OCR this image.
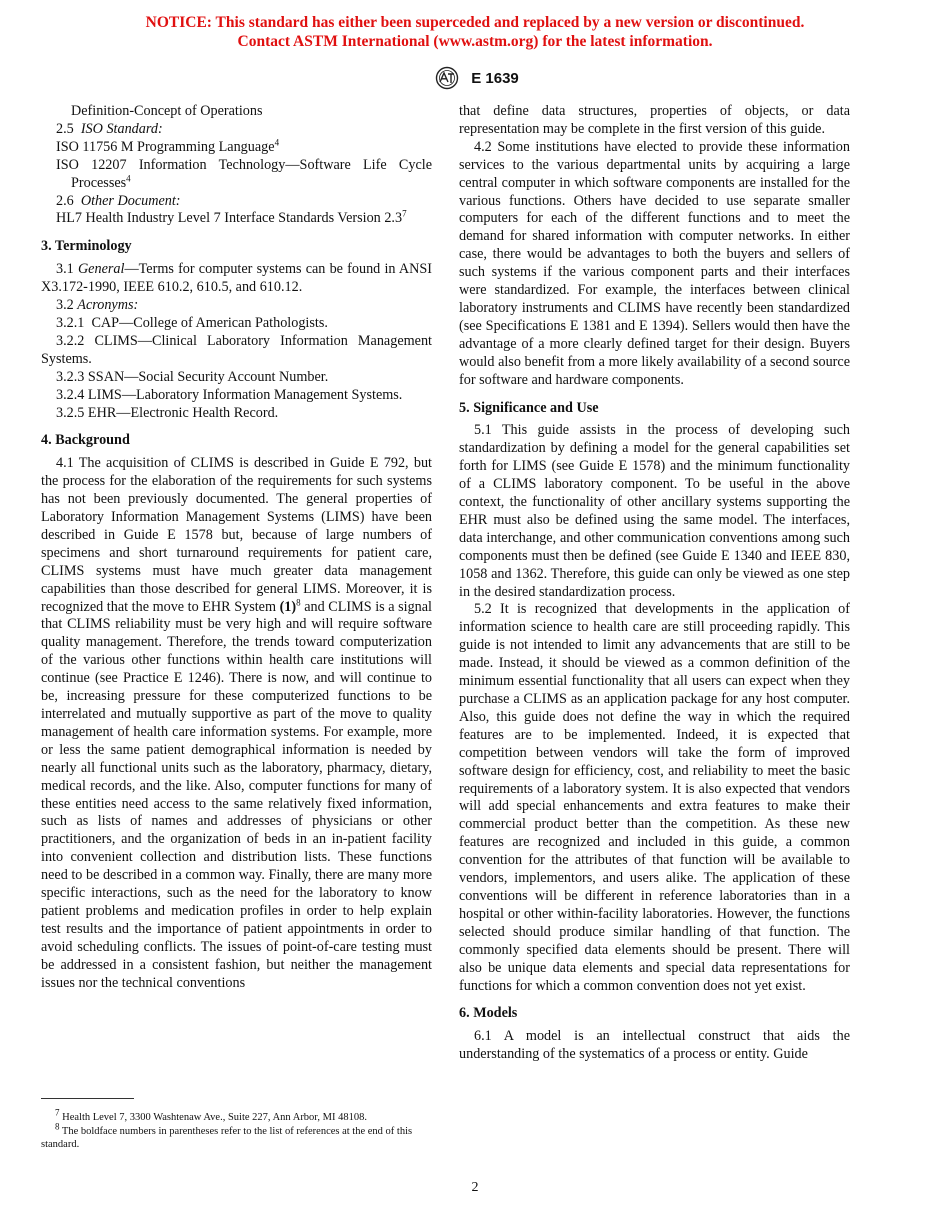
NOTICE: This standard has either been superceded and replaced by a new version or discontinued.
Contact ASTM International (www.astm.org) for the latest information.
E 1639

Definition-Concept of Operations

2.5 ISO Standard:

ISO 11756 M Programming Language$^4$

ISO 12207 Information Technology—Software Life Cycle Processes$^4$

2.6 Other Document:

HL7 Health Industry Level 7 Interface Standards Version $2.3^7$

3. Terminology

3.1 General—Terms for computer systems can be found in ANSI X3.172-1990, IEEE 610.2, 610.5, and 610.12.

3.2 Acronyms:

3.2.1  CAP—College of American Pathologists.

3.2.2 CLIMS—Clinical Laboratory Information Management Systems.

3.2.3 SSAN—Social Security Account Number.

3.2.4 LIMS—Laboratory Information Management Systems.

3.2.5 EHR—Electronic Health Record.

4. Background

4.1 The acquisition of CLIMS is described in Guide E 792, but the process for the elaboration of the requirements for such systems has not been previously documented. The general properties of Laboratory Information Management Systems (LIMS) have been described in Guide E 1578 but, because of large numbers of specimens and short turnaround requirements for patient care, CLIMS systems must have much greater data management capabilities than those described for general LIMS. Moreover, it is recognized that the move to EHR System $(1)^8$ and CLIMS is a signal that CLIMS reliability must be very high and will require software quality management. Therefore, the trends toward computerization of the various other functions within health care institutions will continue (see Practice E 1246). There is now, and will continue to be, increasing pressure for these computerized functions to be interrelated and mutually supportive as part of the move to quality management of health care information systems. For example, more or less the same patient demographical information is needed by nearly all functional units such as the laboratory, pharmacy, dietary, medical records, and the like. Also, computer functions for many of these entities need access to the same relatively fixed information, such as lists of names and addresses of physicians or other practitioners, and the organization of beds in an in-patient facility into convenient collection and distribution lists. These functions need to be described in a common way. Finally, there are many more specific interactions, such as the need for the laboratory to know patient problems and medication profiles in order to help explain test results and the importance of patient appointments in order to avoid scheduling conflicts. The issues of point-of-care testing must be addressed in a consistent fashion, but neither the management issues nor the technical conventions

$^7$ Health Level 7, 3300 Washtenaw Ave., Suite 227, Ann Arbor, MI 48108.

$^8$ The boldface numbers in parentheses refer to the list of references at the end of this standard.

that define data structures, properties of objects, or data representation may be complete in the first version of this guide.

4.2 Some institutions have elected to provide these information services to the various departmental units by acquiring a large central computer in which software components are installed for the various functions. Others have decided to use separate smaller computers for each of the different functions and to meet the demand for shared information with computer networks. In either case, there would be advantages to both the buyers and sellers of such systems if the various component parts and their interfaces were standardized. For example, the interfaces between clinical laboratory instruments and CLIMS have recently been standardized (see Specifications E 1381 and E 1394). Sellers would then have the advantage of a more clearly defined target for their design. Buyers would also benefit from a more likely availability of a second source for software and hardware components.

5. Significance and Use

5.1 This guide assists in the process of developing such standardization by defining a model for the general capabilities set forth for LIMS (see Guide E 1578) and the minimum functionality of a CLIMS laboratory component. To be useful in the above context, the functionality of other ancillary systems supporting the EHR must also be defined using the same model. The interfaces, data interchange, and other communication conventions among such components must then be defined (see Guide E 1340 and IEEE 830, 1058 and 1362. Therefore, this guide can only be viewed as one step in the desired standardization process.

5.2 It is recognized that developments in the application of information science to health care are still proceeding rapidly. This guide is not intended to limit any advancements that are still to be made. Instead, it should be viewed as a common definition of the minimum essential functionality that all users can expect when they purchase a CLIMS as an application package for any host computer. Also, this guide does not define the way in which the required features are to be implemented. Indeed, it is expected that competition between vendors will take the form of improved software design for efficiency, cost, and reliability to meet the basic requirements of a laboratory system. It is also expected that vendors will add special enhancements and extra features to make their commercial product better than the competition. As these new features are recognized and included in this guide, a common convention for the attributes of that function will be available to vendors, implementors, and users alike. The application of these conventions will be different in reference laboratories than in a hospital or other within-facility laboratories. However, the functions selected should produce similar handling of that function. The commonly specified data elements should be present. There will also be unique data elements and special data representations for functions for which a common convention does not yet exist.

6. Models

6.1 A model is an intellectual construct that aids the understanding of the systematics of a process or entity. Guide

2
